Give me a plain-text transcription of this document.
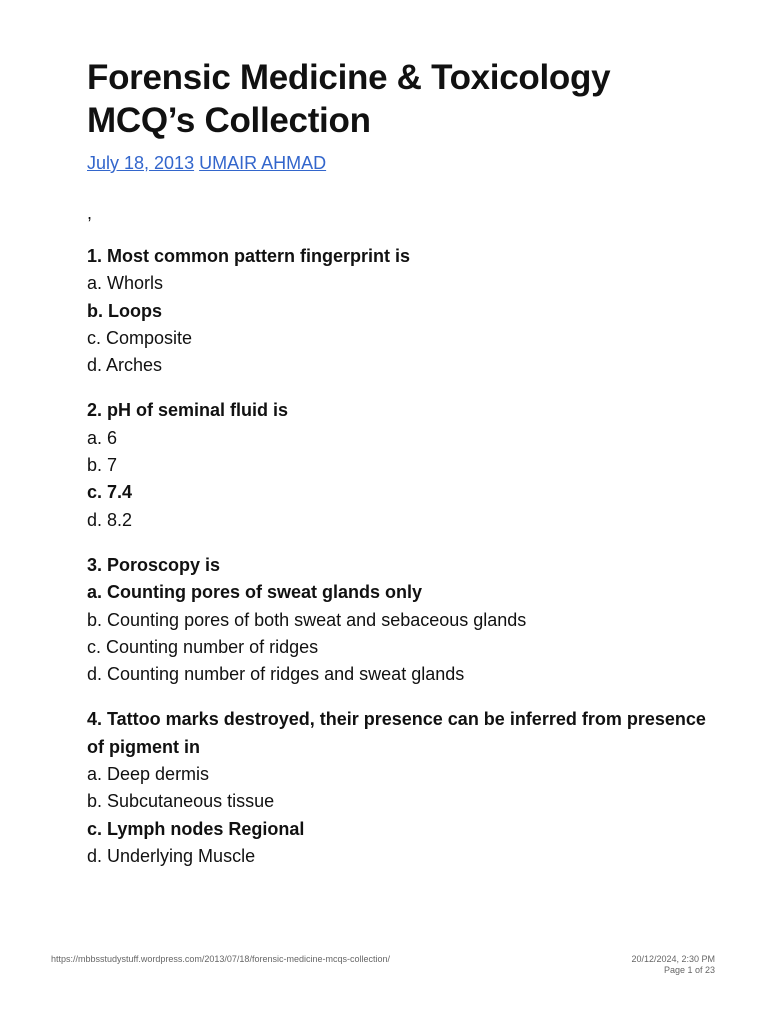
Forensic Medicine & Toxicology MCQ’s Collection
July 18, 2013 UMAIR AHMAD
,
1. Most common pattern fingerprint is
a. Whorls
b. Loops
c. Composite
d. Arches
2. pH of seminal fluid is
a. 6
b. 7
c. 7.4
d. 8.2
3. Poroscopy is
a. Counting pores of sweat glands only
b. Counting pores of both sweat and sebaceous glands
c. Counting number of ridges
d. Counting number of ridges and sweat glands
4. Tattoo marks destroyed, their presence can be inferred from presence of pigment in
a. Deep dermis
b. Subcutaneous tissue
c. Lymph nodes Regional
d. Underlying Muscle
https://mbbsstudystuff.wordpress.com/2013/07/18/forensic-medicine-mcqs-collection/	20/12/2024, 2:30 PM
Page 1 of 23
